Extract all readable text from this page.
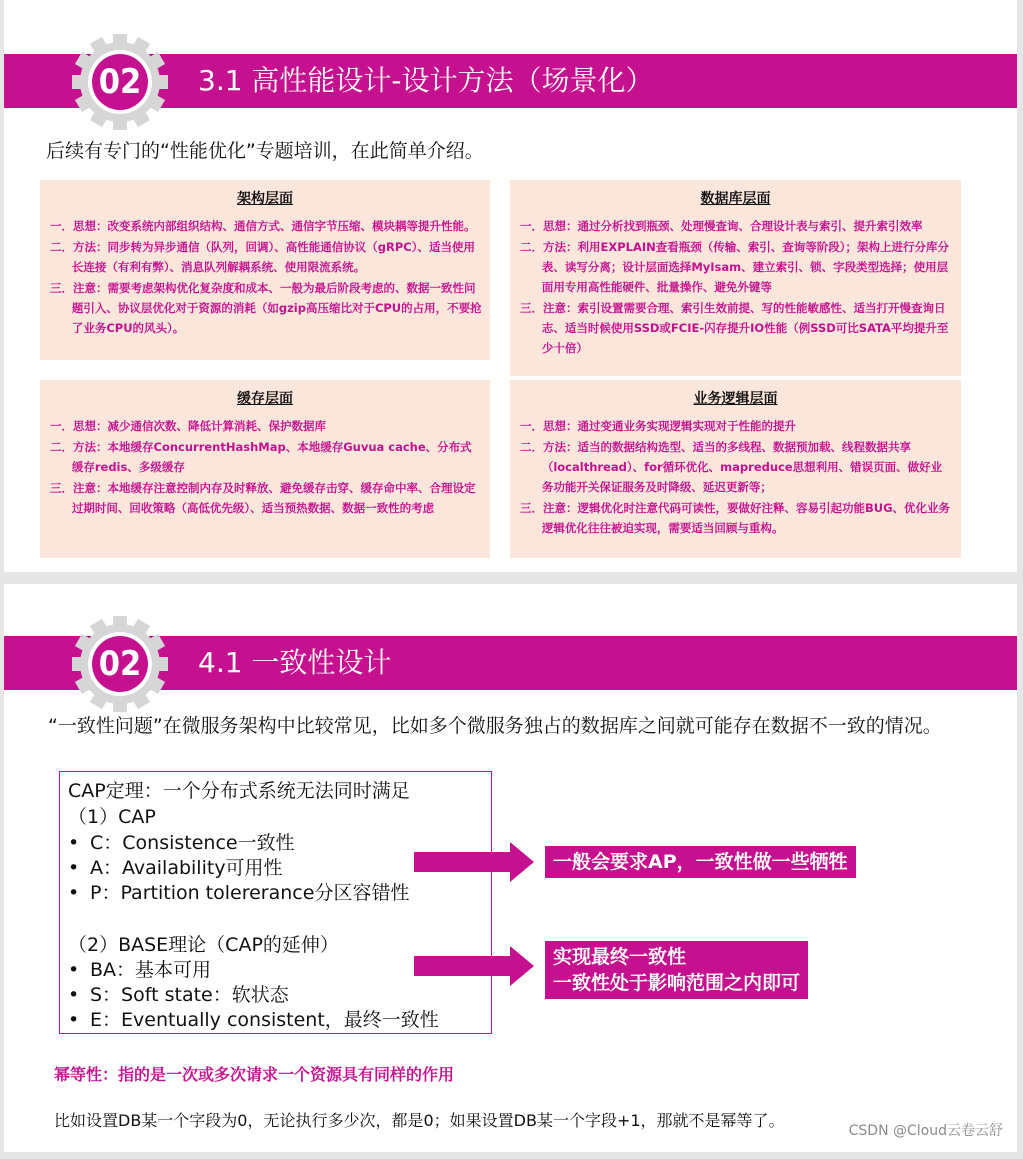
3.1 高性能设计-设计方法（场景化）
02
后续有专门的“性能优化”专题培训，在此简单介绍。
架构层面
一．思想：改变系统内部组织结构、通信方式、通信字节压缩、模块耦等提升性能。
二．方法：同步转为异步通信（队列，回调）、高性能通信协议（gRPC）、适当使用长连接（有利有弊）、消息队列解耦系统、使用限流系统。
三．注意：需要考虑架构优化复杂度和成本、一般为最后阶段考虑的、数据一致性问题引入、协议层优化对于资源的消耗（如gzip高压缩比对于CPU的占用，不要抢了业务CPU的风头）。
数据库层面
一．思想：通过分析找到瓶颈、处理慢查询、合理设计表与索引、提升索引效率
二．方法：利用EXPLAIN查看瓶颈（传输、索引、查询等阶段）；架构上进行分库分表、读写分离；设计层面选择MyIsam、建立索引、锁、字段类型选择；使用层面用专用高性能硬件、批量操作、避免外键等
三．注意：索引设置需要合理、索引生效前提、写的性能敏感性、适当打开慢查询日志、适当时候使用SSD或FCIE-闪存提升IO性能（例SSD可比SATA平均提升至少十倍）
缓存层面
一．思想：减少通信次数、降低计算消耗、保护数据库
二．方法：本地缓存ConcurrentHashMap、本地缓存Guvua cache、分布式缓存redis、多级缓存
三．注意：本地缓存注意控制内存及时释放、避免缓存击穿、缓存命中率、合理设定过期时间、回收策略（高低优先级）、适当预热数据、数据一致性的考虑
业务逻辑层面
一．思想：通过变通业务实现逻辑实现对于性能的提升
二．方法：适当的数据结构选型、适当的多线程、数据预加载、线程数据共享（localthread）、for循环优化、mapreduce思想利用、错误页面、做好业务功能开关保证服务及时降级、延迟更新等；
三．注意：逻辑优化时注意代码可读性，要做好注释、容易引起功能BUG、优化业务逻辑优化往往被迫实现，需要适当回顾与重构。
4.1 一致性设计
02
“一致性问题”在微服务架构中比较常见，比如多个微服务独占的数据库之间就可能存在数据不一致的情况。
CAP定理：一个分布式系统无法同时满足
（1）CAP
• C：Consistence一致性
• A：Availability可用性
• P：Partition tolererance分区容错性
（2）BASE理论（CAP的延伸）
• BA：基本可用
• S：Soft state：软状态
• E：Eventually consistent，最终一致性
一般会要求AP，一致性做一些牺牲
实现最终一致性
一致性处于影响范围之内即可
幂等性：指的是一次或多次请求一个资源具有同样的作用
比如设置DB某一个字段为0，无论执行多少次，都是0；如果设置DB某一个字段+1，那就不是幂等了。
CSDN @Cloud云卷云舒
